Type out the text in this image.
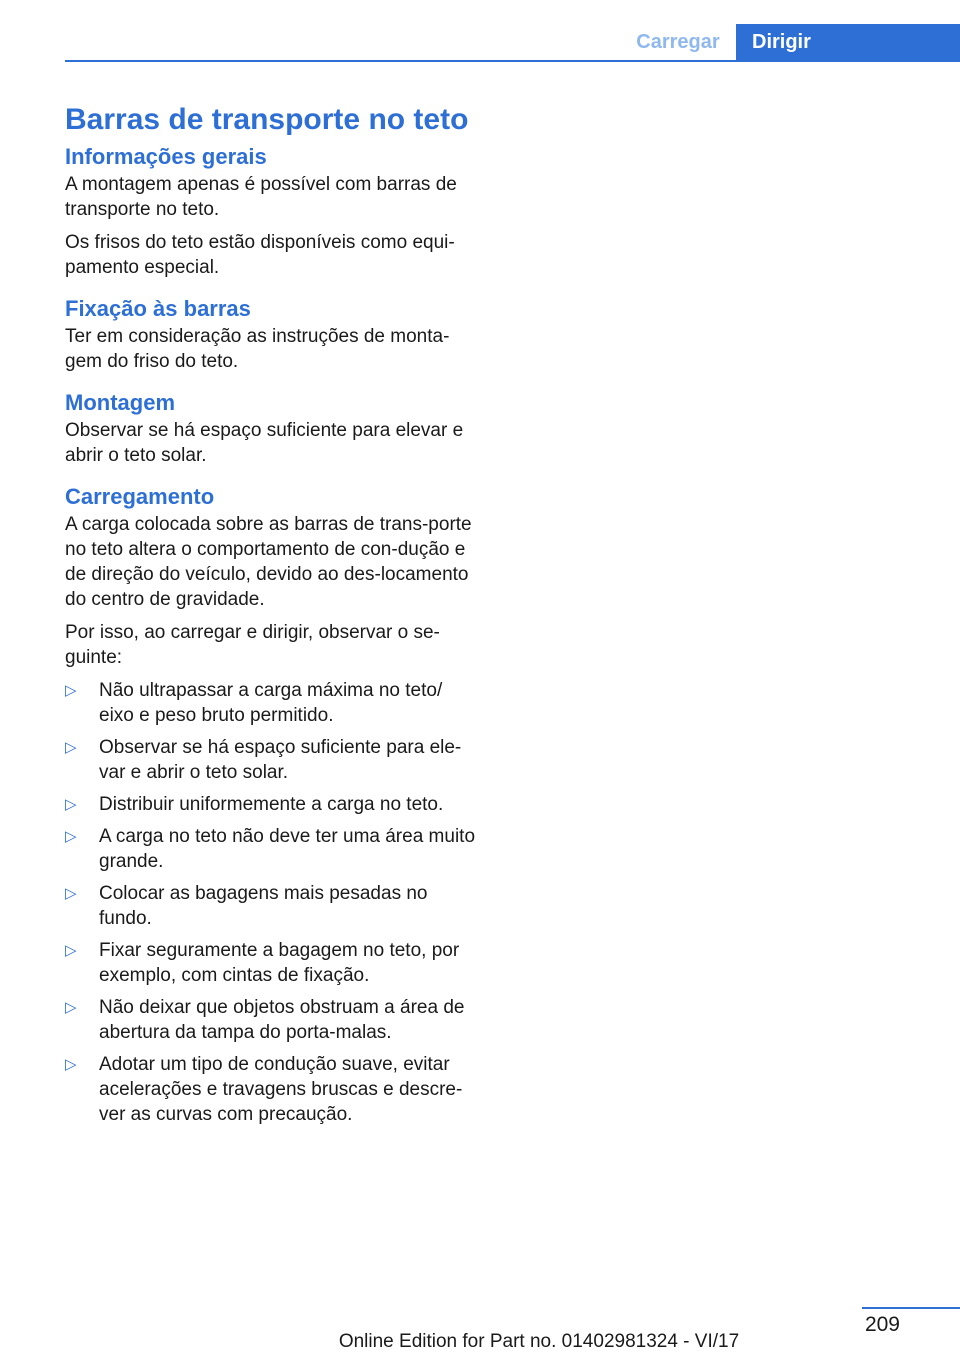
Carregar	Dirigir
Barras de transporte no teto
Informações gerais

A montagem apenas é possível com barras de transporte no teto.

Os frisos do teto estão disponíveis como equi-pamento especial.

Fixação às barras

Ter em consideração as instruções de monta-gem do friso do teto.

Montagem

Observar se há espaço suficiente para elevar e abrir o teto solar.

Carregamento

A carga colocada sobre as barras de trans-porte no teto altera o comportamento de con-dução e de direção do veículo, devido ao des-locamento do centro de gravidade.

Por isso, ao carregar e dirigir, observar o se-guinte:

▷ Não ultrapassar a carga máxima no teto/ eixo e peso bruto permitido.
▷ Observar se há espaço suficiente para ele-var e abrir o teto solar.
▷ Distribuir uniformemente a carga no teto.
▷ A carga no teto não deve ter uma área muito grande.
▷ Colocar as bagagens mais pesadas no fundo.
▷ Fixar seguramente a bagagem no teto, por exemplo, com cintas de fixação.
▷ Não deixar que objetos obstruam a área de abertura da tampa do porta-malas.
▷ Adotar um tipo de condução suave, evitar acelerações e travagens bruscas e descre-ver as curvas com precaução.
209
Online Edition for Part no. 01402981324 - VI/17
